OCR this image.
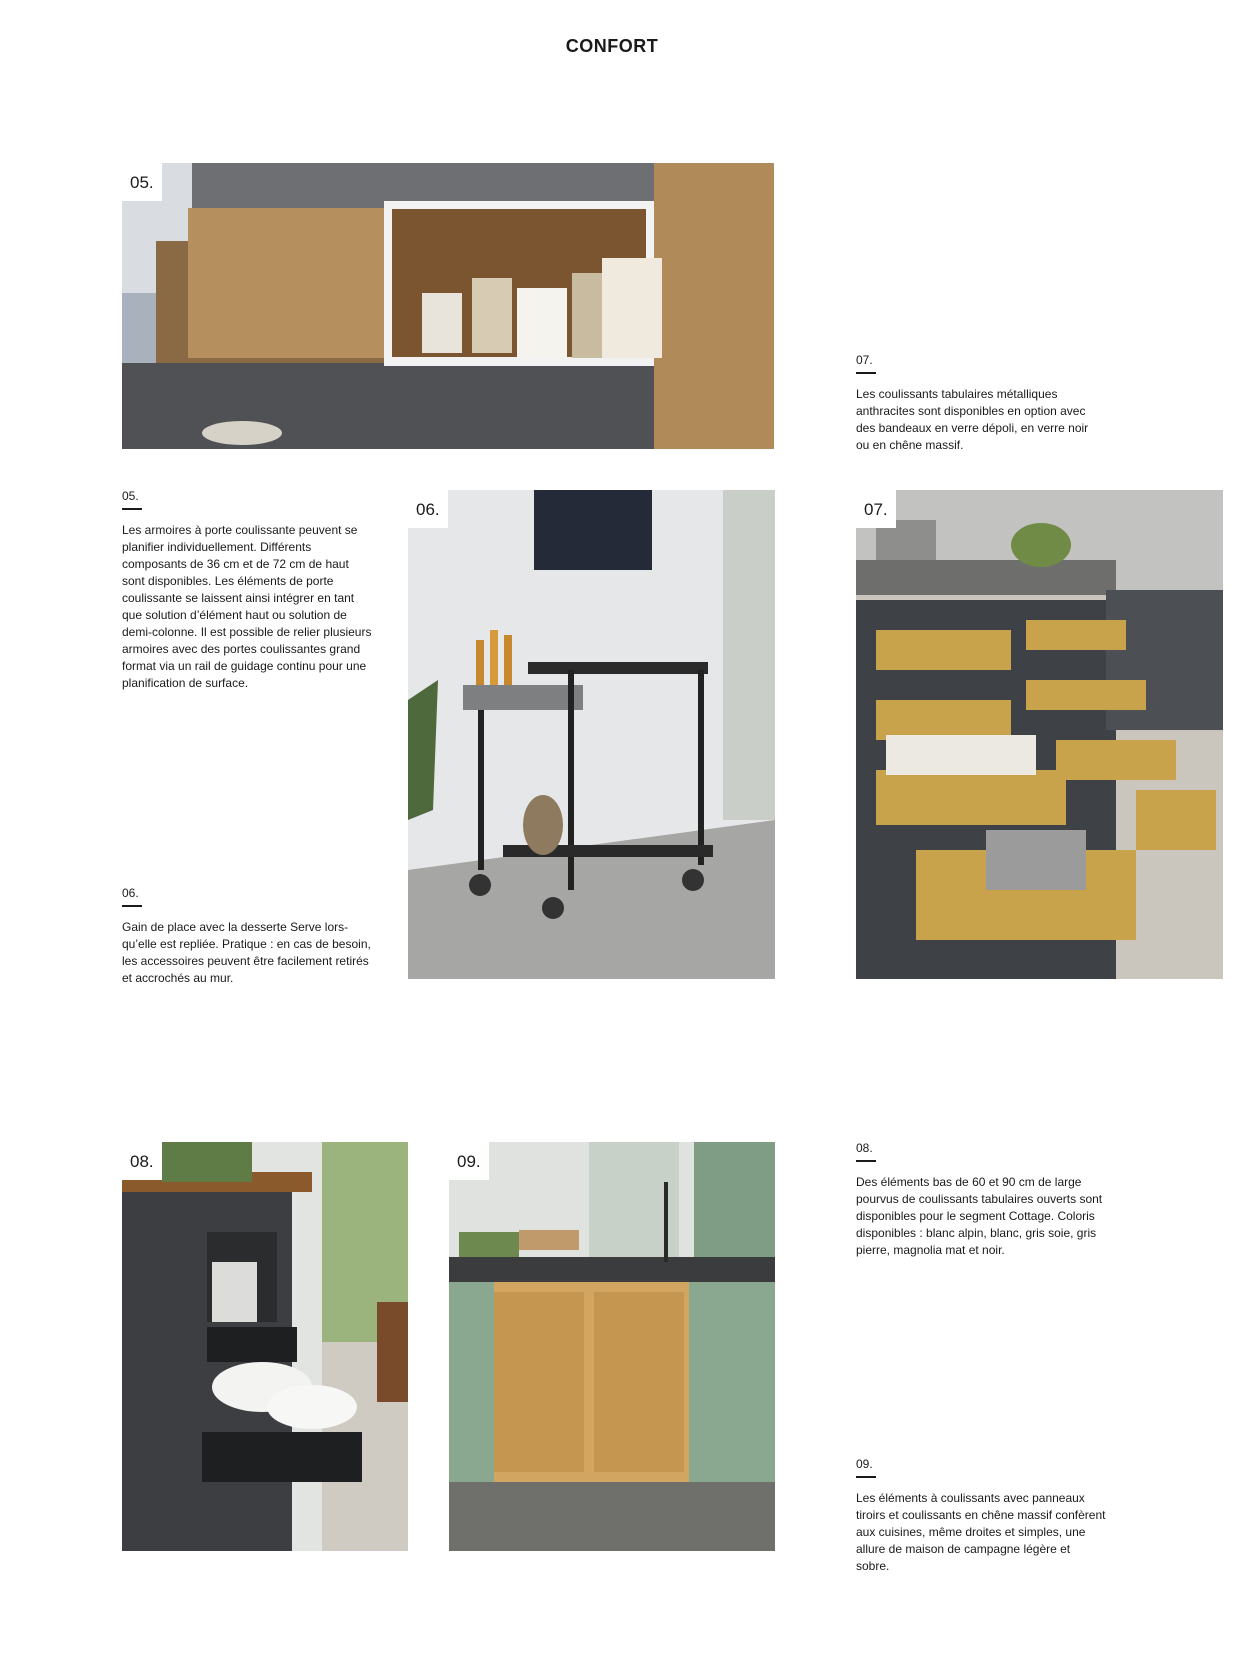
CONFORT
05.
06.	07.
08.	09.
07.
Les coulissants tabulaires métalliques anthracites sont disponibles en option avec des bandeaux en verre dépoli, en verre noir ou en chêne massif.
05.
Les armoires à porte coulissante peuvent se planifier individuellement. Différents composants de 36 cm et de 72 cm de haut sont disponibles. Les éléments de porte coulissante se laissent ainsi intégrer en tant que solution d’élément haut ou solution de demi-colonne. Il est possible de relier plusieurs armoires avec des portes coulissantes grand format via un rail de guidage continu pour une planification de surface.
06.
Gain de place avec la desserte Serve lors-qu’elle est repliée. Pratique : en cas de besoin, les accessoires peuvent être facilement retirés et accrochés au mur.
08.
Des éléments bas de 60 et 90 cm de large pourvus de coulissants tabulaires ouverts sont disponibles pour le segment Cottage. Coloris disponibles : blanc alpin, blanc, gris soie, gris pierre, magnolia mat et noir.
09.
Les éléments à coulissants avec panneaux tiroirs et coulissants en chêne massif confèrent aux cuisines, même droites et simples, une allure de maison de campagne légère et sobre.
